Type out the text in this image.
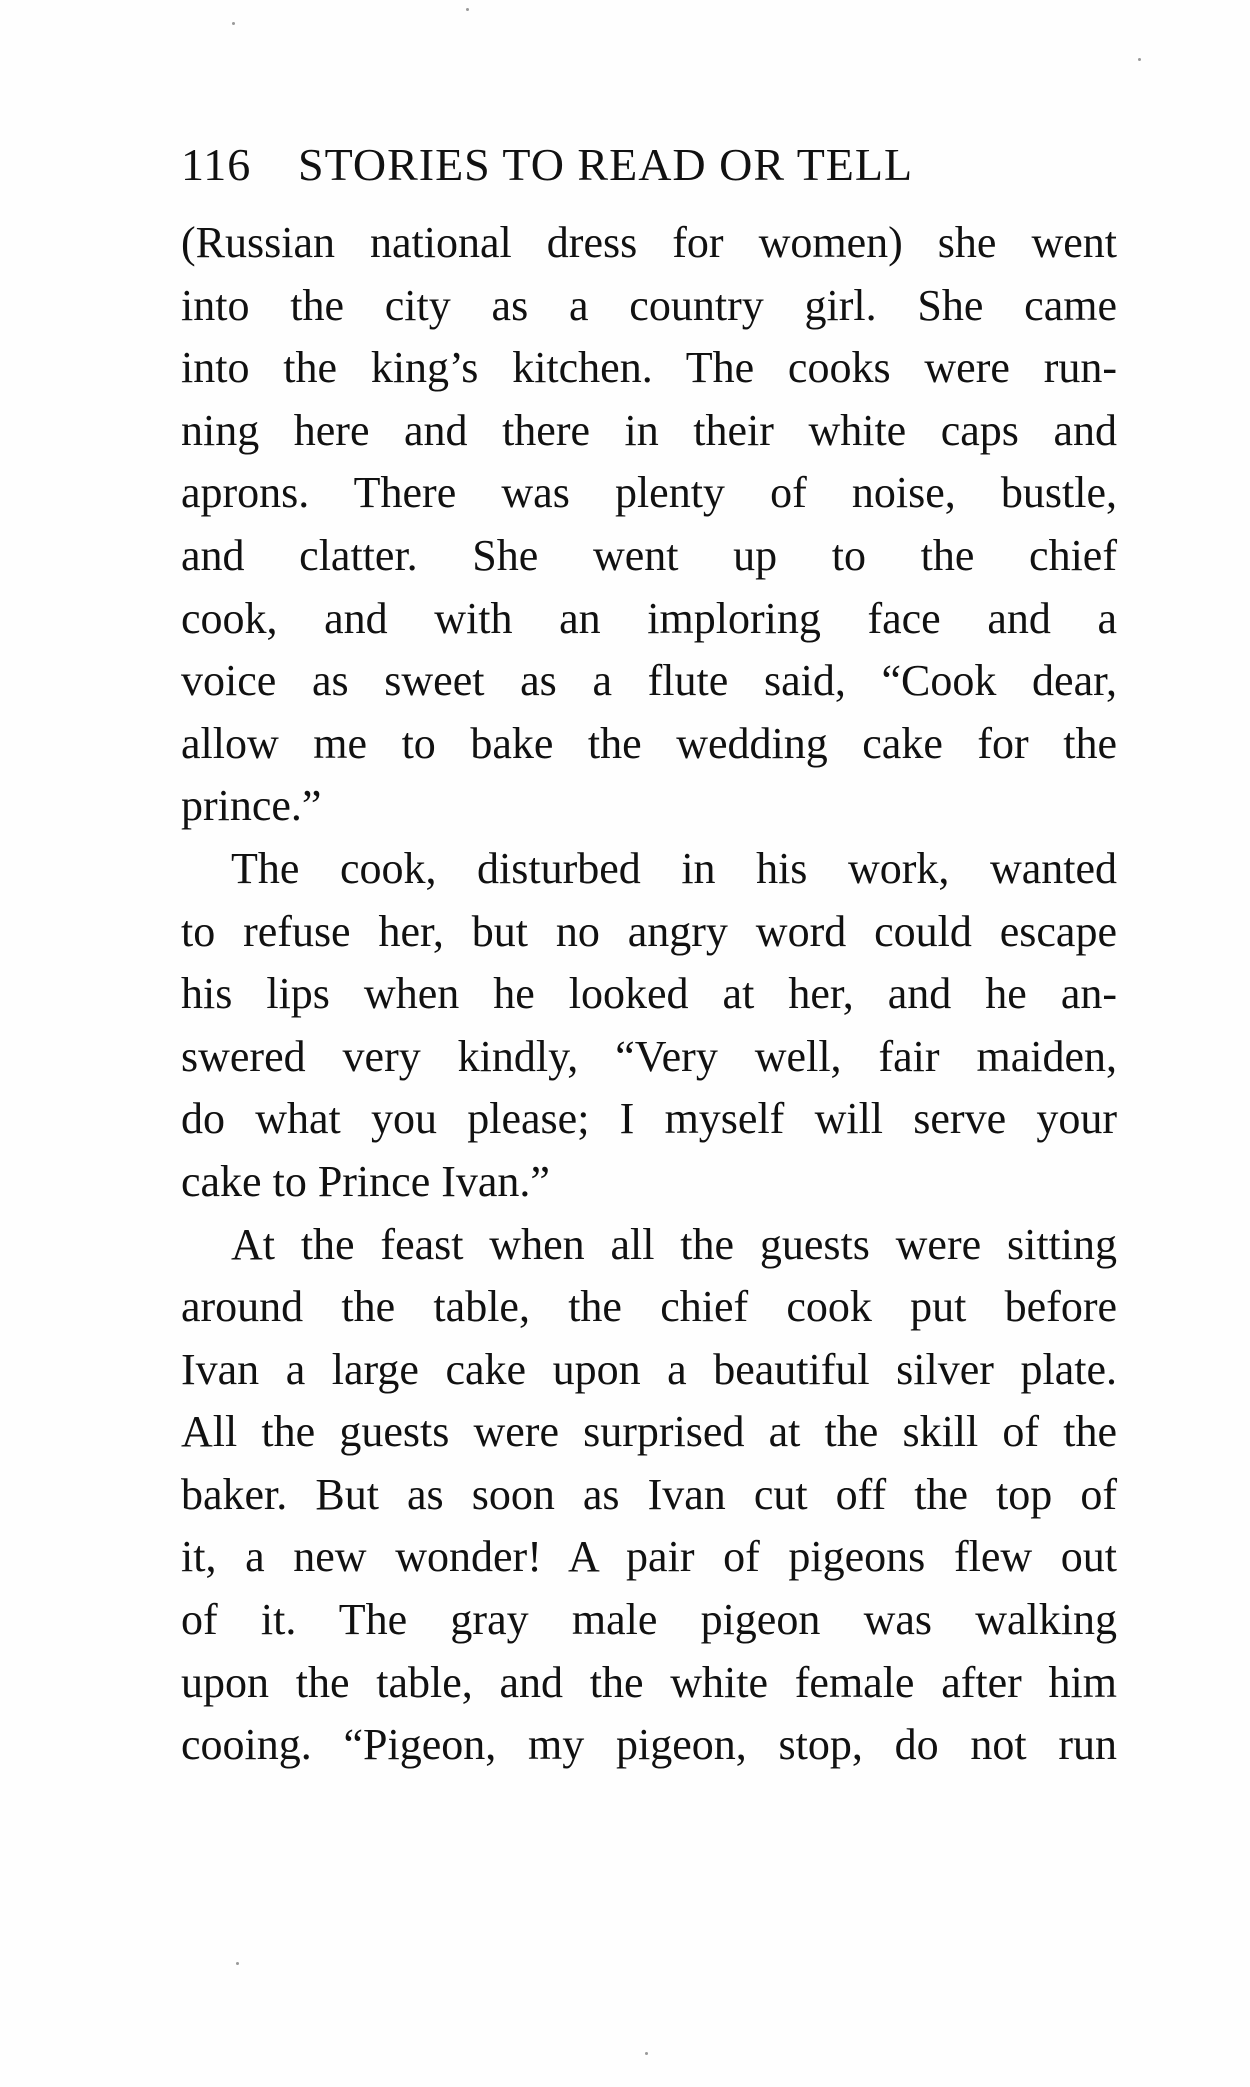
116 STORIES TO READ OR TELL
(Russian national dress for women) she went
into the city as a country girl. She came
into the king’s kitchen. The cooks were run-
ning here and there in their white caps and
aprons. There was plenty of noise, bustle,
and clatter. She went up to the chief
cook, and with an imploring face and a
voice as sweet as a flute said, “Cook dear,
allow me to bake the wedding cake for the
prince.”
The cook, disturbed in his work, wanted
to refuse her, but no angry word could escape
his lips when he looked at her, and he an-
swered very kindly, “Very well, fair maiden,
do what you please; I myself will serve your
cake to Prince Ivan.”
At the feast when all the guests were sitting
around the table, the chief cook put before
Ivan a large cake upon a beautiful silver plate.
All the guests were surprised at the skill of the
baker. But as soon as Ivan cut off the top of
it, a new wonder! A pair of pigeons flew out
of it. The gray male pigeon was walking
upon the table, and the white female after him
cooing. “Pigeon, my pigeon, stop, do not run
